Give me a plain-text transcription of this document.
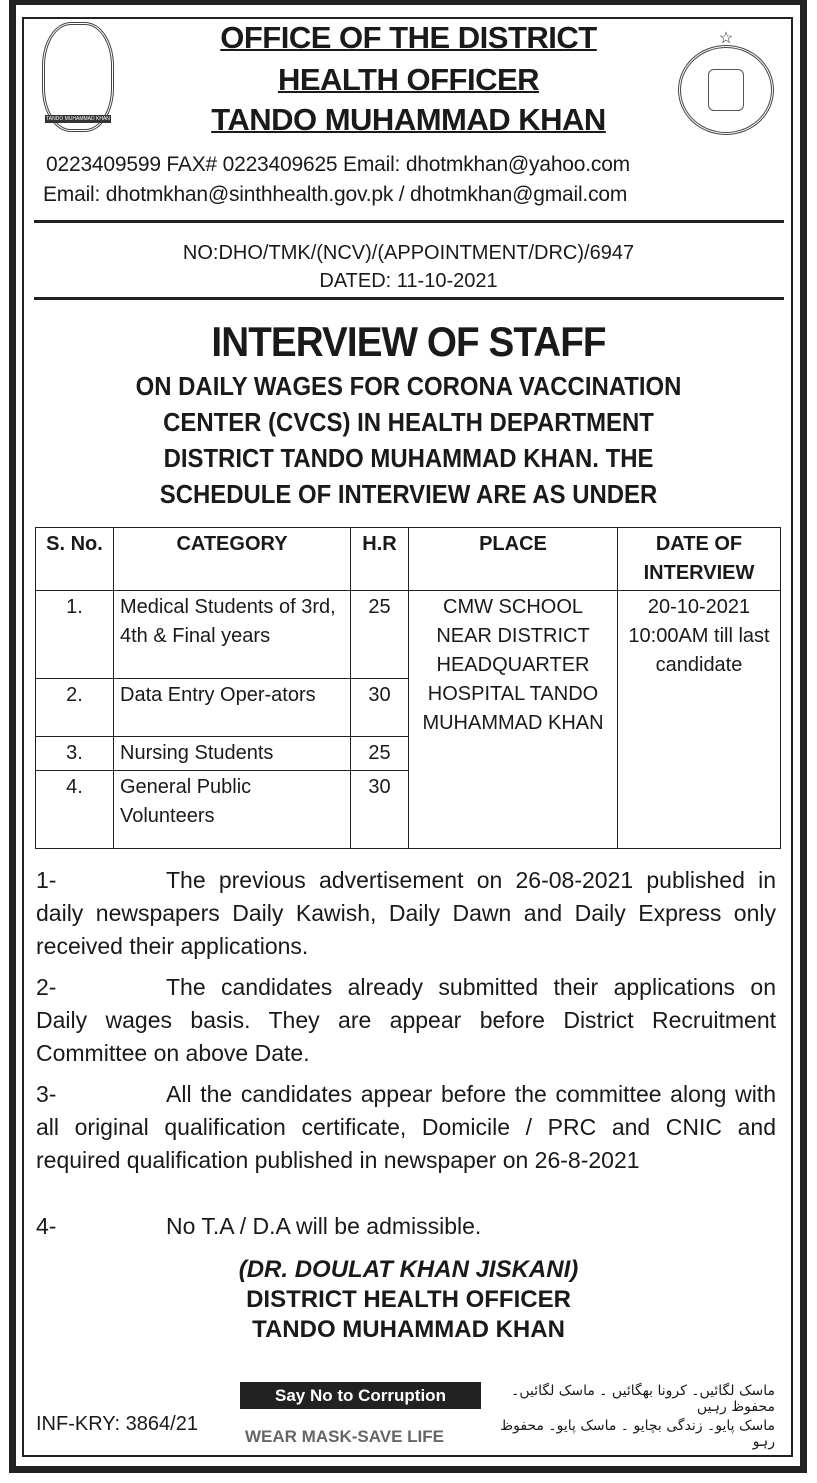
TANDO MUHAMMAD KHAN
☆
OFFICE OF THE DISTRICT
HEALTH OFFICER
TANDO MUHAMMAD KHAN
0223409599 FAX# 0223409625 Email: dhotmkhan@yahoo.com
Email: dhotmkhan@sinthhealth.gov.pk / dhotmkhan@gmail.com
NO:DHO/TMK/(NCV)/(APPOINTMENT/DRC)/6947
DATED: 11-10-2021
INTERVIEW OF STAFF
ON DAILY WAGES FOR CORONA VACCINATION
CENTER (CVCS) IN HEALTH DEPARTMENT
DISTRICT TANDO MUHAMMAD KHAN. THE
SCHEDULE OF INTERVIEW ARE AS UNDER
S. No.	CATEGORY	H.R	PLACE	DATE OF INTERVIEW
1.	Medical Students of 3rd, 4th & Final years	25	CMW SCHOOL NEAR DISTRICT HEADQUARTER HOSPITAL TANDO MUHAMMAD KHAN	20-10-2021 10:00AM till last candidate
2.	Data Entry Oper-ators	30		
3.	Nursing Students	25		
4.	General Public Volunteers	30		
1-	The previous advertisement on 26-08-2021 published in daily newspapers Daily Kawish, Daily Dawn and Daily Express only received their applications.
2-	The candidates already submitted their applications on Daily wages basis. They are appear before District Recruitment Committee on above Date.
3-	All the candidates appear before the committee along with all original qualification certificate, Domicile / PRC and CNIC and required qualification published in newspaper on 26-8-2021
4-	No T.A / D.A will be admissible.
(DR. DOULAT KHAN JISKANI)
DISTRICT HEALTH OFFICER
TANDO MUHAMMAD KHAN
INF-KRY: 3864/21
Say No to Corruption
WEAR MASK-SAVE LIFE
ماسک لگائیں۔ کرونا بھگائیں ۔ ماسک لگائیں۔ محفوظ رہیں
ماسک پایو۔ زندگی بچایو ۔ ماسک پایو۔ محفوظ رہو
